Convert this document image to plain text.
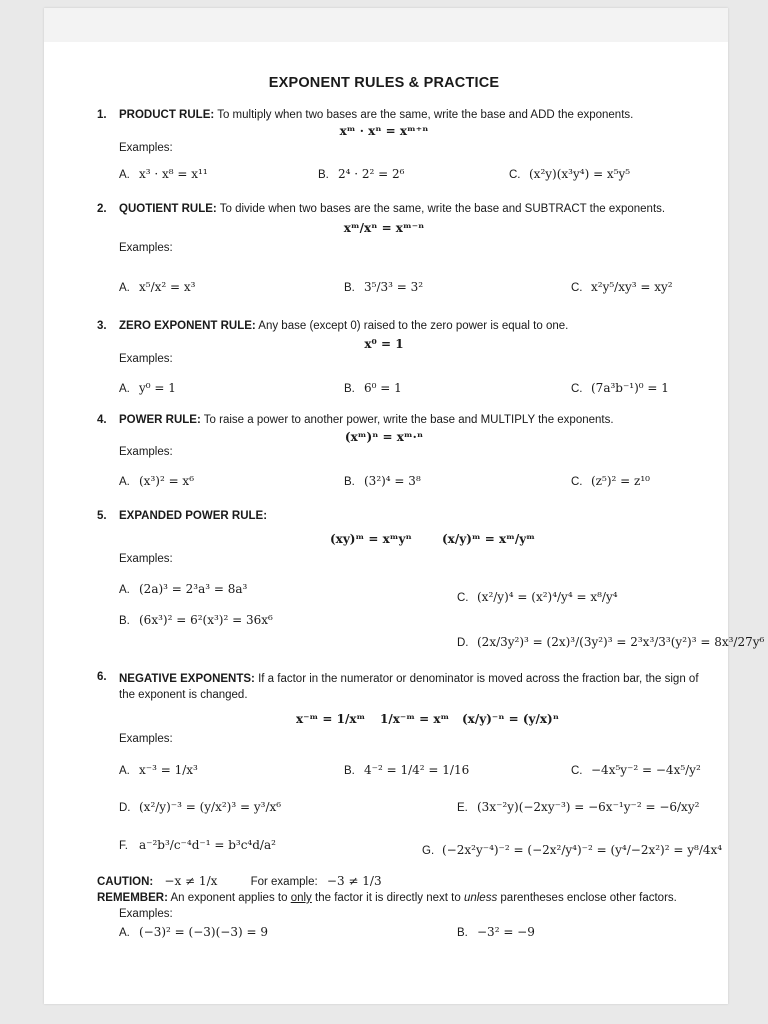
EXPONENT RULES & PRACTICE
1. PRODUCT RULE: To multiply when two bases are the same, write the base and ADD the exponents.
xᵐ · xⁿ = xᵐ⁺ⁿ
Examples:
A. x³ · x⁸ = x¹¹	B. 2⁴ · 2² = 2⁶	C. (x²y)(x³y⁴) = x⁵y⁵
2. QUOTIENT RULE: To divide when two bases are the same, write the base and SUBTRACT the exponents.
xᵐ/xⁿ = xᵐ⁻ⁿ
Examples:
A. x⁵/x² = x³	B. 3⁵/3³ = 3²	C. x²y⁵/xy³ = xy²
3. ZERO EXPONENT RULE: Any base (except 0) raised to the zero power is equal to one.
x⁰ = 1
Examples:
A. y⁰ = 1	B. 6⁰ = 1	C. (7a³b⁻¹)⁰ = 1
4. POWER RULE: To raise a power to another power, write the base and MULTIPLY the exponents.
(xᵐ)ⁿ = xᵐ·ⁿ
Examples:
A. (x³)² = x⁶	B. (3²)⁴ = 3⁸	C. (z⁵)² = z¹⁰
5. EXPANDED POWER RULE:
(xy)ᵐ = xᵐyⁿ	(x/y)ᵐ = xᵐ/yᵐ
Examples:
A. (2a)³ = 2³a³ = 8a³
C. (x²/y)⁴ = (x²)⁴/y⁴ = x⁸/y⁴
B. (6x³)² = 6²(x³)² = 36x⁶
D. (2x/3y²)³ = (2x)³/(3y²)³ = 2³x³/3³(y²)³ = 8x³/27y⁶
6. NEGATIVE EXPONENTS: If a factor in the numerator or denominator is moved across the fraction bar, the sign of the exponent is changed.
x⁻ᵐ = 1/xᵐ 1/x⁻ᵐ = xᵐ (x/y)⁻ⁿ = (y/x)ⁿ
Examples:
A. x⁻³ = 1/x³	B. 4⁻² = 1/4² = 1/16	C. −4x⁵y⁻² = −4x⁵/y²
D. (x²/y)⁻³ = (y/x²)³ = y³/x⁶	E. (3x⁻²y)(−2xy⁻³) = −6x⁻¹y⁻² = −6/xy²
F. a⁻²b³/c⁻⁴d⁻¹ = b³c⁴d/a²	G. (−2x²y⁻⁴)⁻² = (−2x²/y⁴)⁻² = (y⁴/−2x²)² = y⁸/4x⁴
CAUTION: −x ≠ 1/x	For example: −3 ≠ 1/3
REMEMBER: An exponent applies to only the factor it is directly next to unless parentheses enclose other factors.
Examples:
A. (−3)² = (−3)(−3) = 9	B. −3² = −9
